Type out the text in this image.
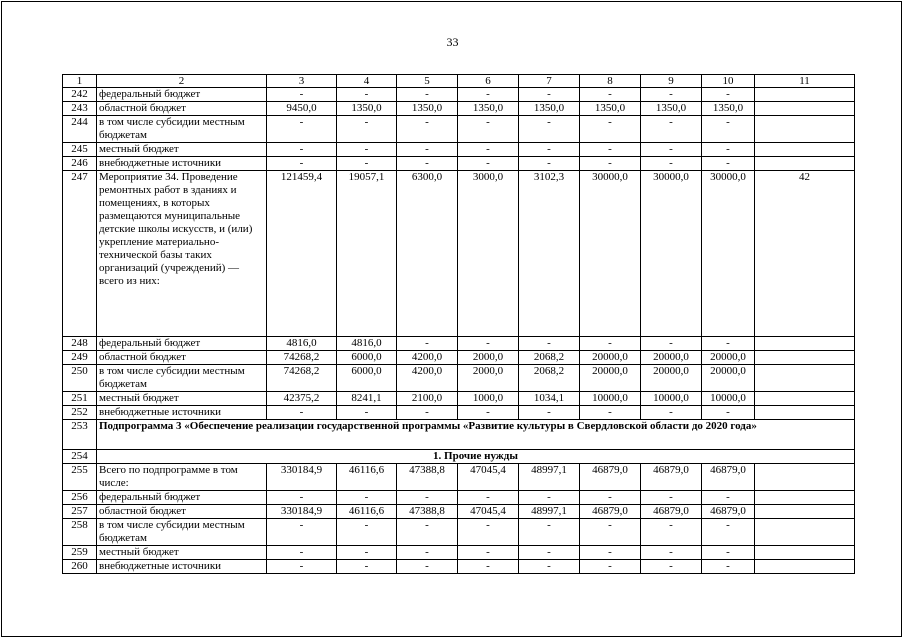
33
1	2	3	4	5	6	7	8	9	10	11
242	федеральный бюджет	-	-	-	-	-	-	-	-	
243	областной бюджет	9450,0	1350,0	1350,0	1350,0	1350,0	1350,0	1350,0	1350,0	
244	в том числе субсидии местным бюджетам	-	-	-	-	-	-	-	-	
245	местный бюджет	-	-	-	-	-	-	-	-	
246	внебюджетные источники	-	-	-	-	-	-	-	-	
247	Мероприятие 34. Проведение ремонтных работ в зданиях и помещениях, в которых размещаются муниципальные детские школы искусств, и (или) укрепление материально-технической базы таких организаций (учреждений) — всего из них:	121459,4	19057,1	6300,0	3000,0	3102,3	30000,0	30000,0	30000,0	42
248	федеральный бюджет	4816,0	4816,0	-	-	-	-	-	-	
249	областной бюджет	74268,2	6000,0	4200,0	2000,0	2068,2	20000,0	20000,0	20000,0	
250	в том числе субсидии местным бюджетам	74268,2	6000,0	4200,0	2000,0	2068,2	20000,0	20000,0	20000,0	
251	местный бюджет	42375,2	8241,1	2100,0	1000,0	1034,1	10000,0	10000,0	10000,0	
252	внебюджетные источники	-	-	-	-	-	-	-	-	
253	Подпрограмма 3 «Обеспечение реализации государственной программы «Развитие культуры в Свердловской области до 2020 года»									
254	1. Прочие нужды									
255	Всего по подпрограмме в том числе:	330184,9	46116,6	47388,8	47045,4	48997,1	46879,0	46879,0	46879,0	
256	федеральный бюджет	-	-	-	-	-	-	-	-	
257	областной бюджет	330184,9	46116,6	47388,8	47045,4	48997,1	46879,0	46879,0	46879,0	
258	в том числе субсидии местным бюджетам	-	-	-	-	-	-	-	-	
259	местный бюджет	-	-	-	-	-	-	-	-	
260	внебюджетные источники	-	-	-	-	-	-	-	-	
